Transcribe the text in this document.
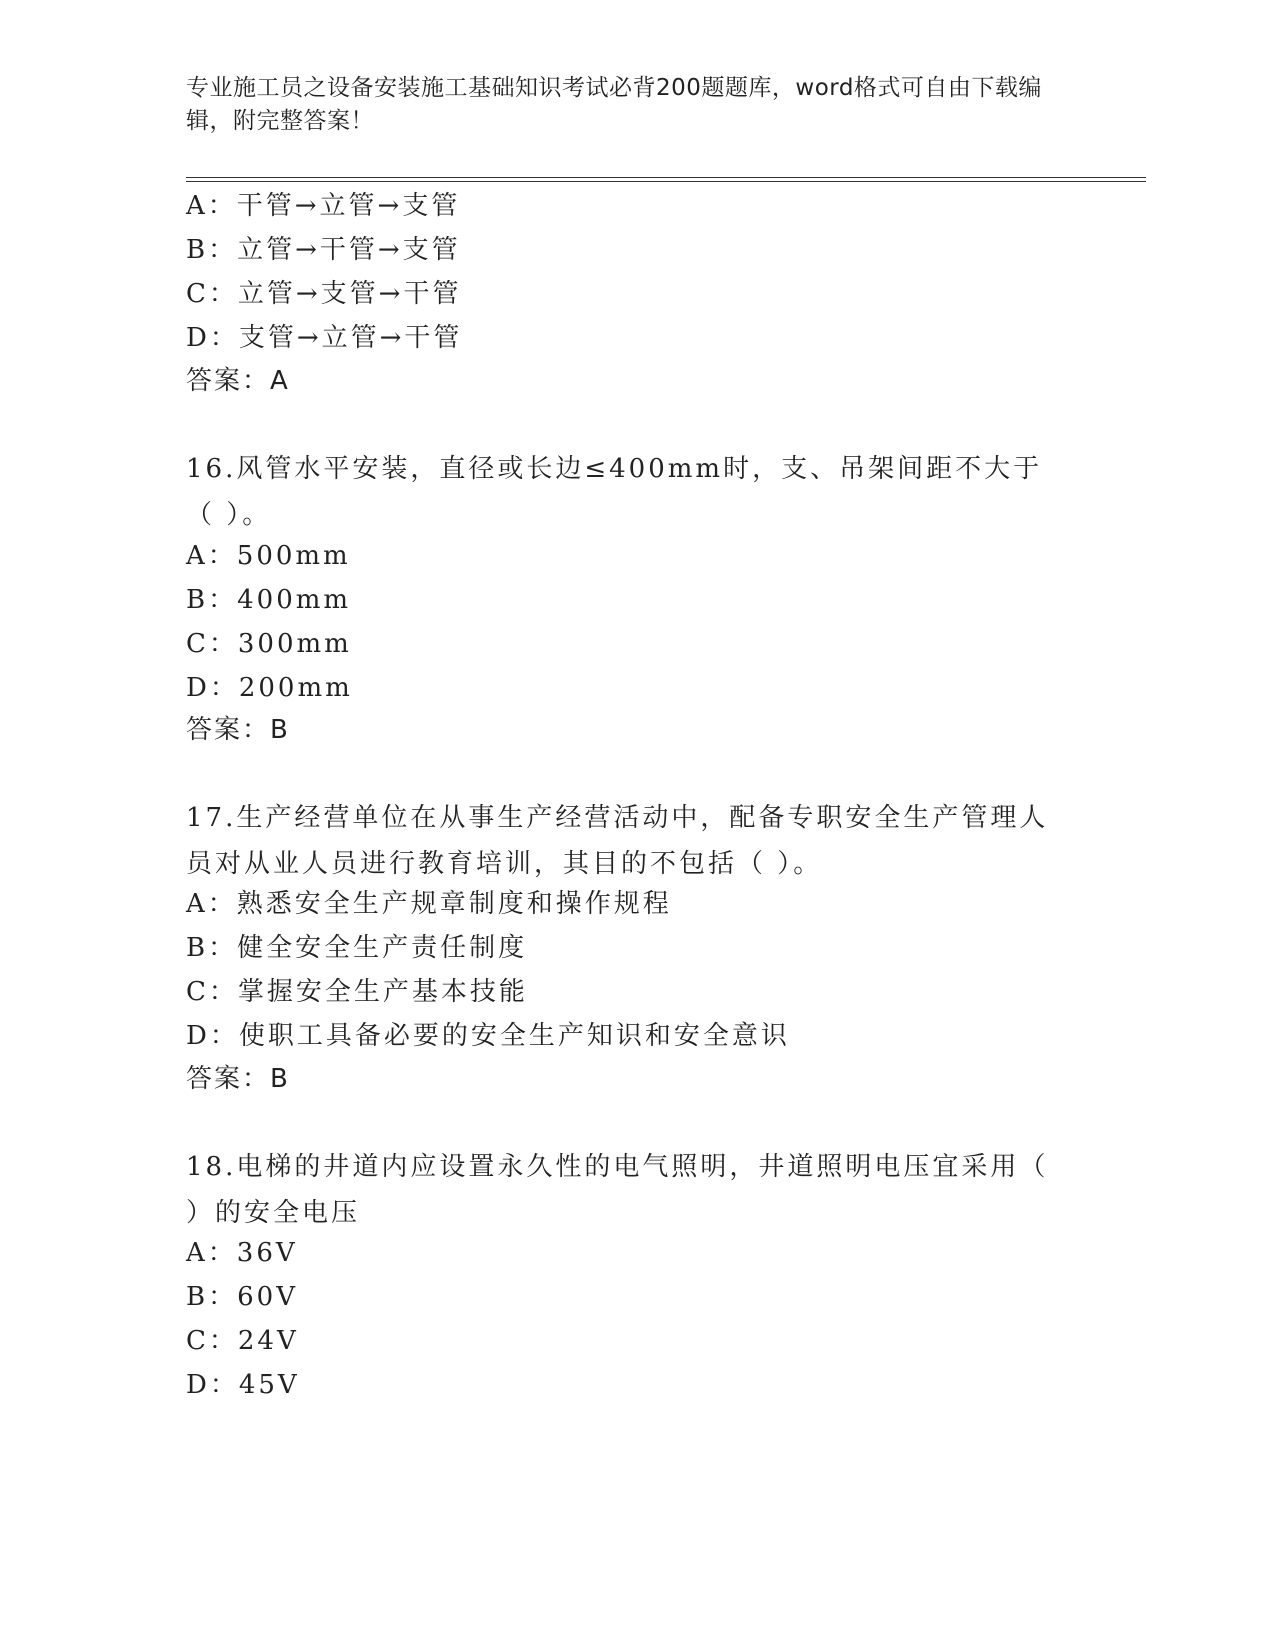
专业施工员之设备安装施工基础知识考试必背200题题库，word格式可自由下载编辑，附完整答案！
A：干管→立管→支管
B：立管→干管→支管
C：立管→支管→干管
D：支管→立管→干管
答案：A
16.风管水平安装，直径或长边≤400mm时，支、吊架间距不大于（ ）。
A：500mm
B：400mm
C：300mm
D：200mm
答案：B
17.生产经营单位在从事生产经营活动中，配备专职安全生产管理人员对从业人员进行教育培训，其目的不包括（ ）。
A：熟悉安全生产规章制度和操作规程
B：健全安全生产责任制度
C：掌握安全生产基本技能
D：使职工具备必要的安全生产知识和安全意识
答案：B
18.电梯的井道内应设置永久性的电气照明，井道照明电压宜采用（ ）的安全电压
A：36V
B：60V
C：24V
D：45V
